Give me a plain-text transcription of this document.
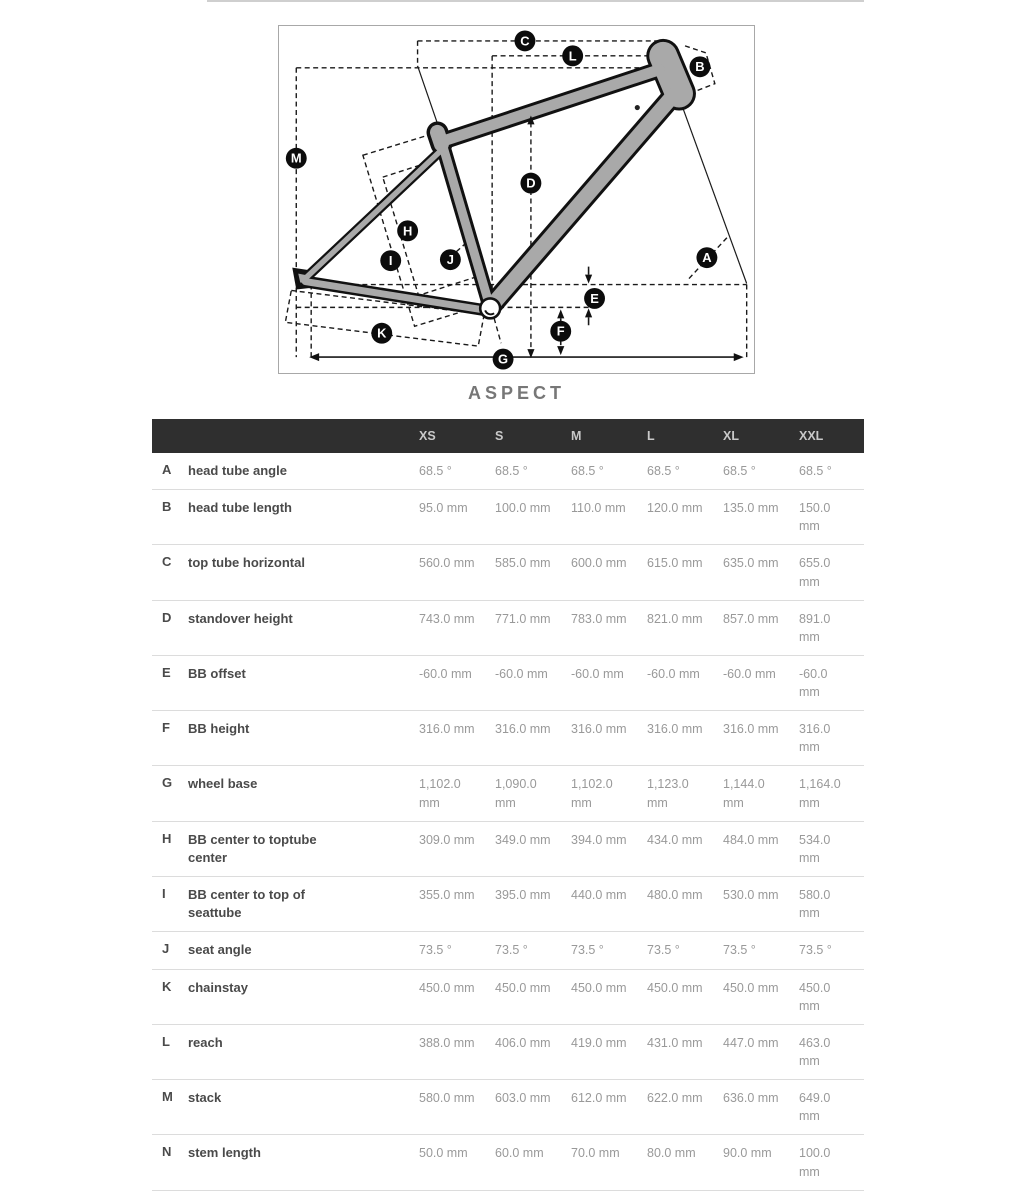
C
L
B
M
D
H
I	J	A
E
F
K
G
ASPECT
		XS	S	M	L	XL	XXL
A	head tube angle	68.5 °	68.5 °	68.5 °	68.5 °	68.5 °	68.5 °
B	head tube length	95.0 mm	100.0 mm	110.0 mm	120.0 mm	135.0 mm	150.0 mm
C	top tube horizontal	560.0 mm	585.0 mm	600.0 mm	615.0 mm	635.0 mm	655.0 mm
D	standover height	743.0 mm	771.0 mm	783.0 mm	821.0 mm	857.0 mm	891.0 mm
E	BB offset	-60.0 mm	-60.0 mm	-60.0 mm	-60.0 mm	-60.0 mm	-60.0 mm
F	BB height	316.0 mm	316.0 mm	316.0 mm	316.0 mm	316.0 mm	316.0 mm
G	wheel base	1,102.0 mm	1,090.0 mm	1,102.0 mm	1,123.0 mm	1,144.0 mm	1,164.0 mm
H	BB center to toptube center	309.0 mm	349.0 mm	394.0 mm	434.0 mm	484.0 mm	534.0 mm
I	BB center to top of seattube	355.0 mm	395.0 mm	440.0 mm	480.0 mm	530.0 mm	580.0 mm
J	seat angle	73.5 °	73.5 °	73.5 °	73.5 °	73.5 °	73.5 °
K	chainstay	450.0 mm	450.0 mm	450.0 mm	450.0 mm	450.0 mm	450.0 mm
L	reach	388.0 mm	406.0 mm	419.0 mm	431.0 mm	447.0 mm	463.0 mm
M	stack	580.0 mm	603.0 mm	612.0 mm	622.0 mm	636.0 mm	649.0 mm
N	stem length	50.0 mm	60.0 mm	70.0 mm	80.0 mm	90.0 mm	100.0 mm
